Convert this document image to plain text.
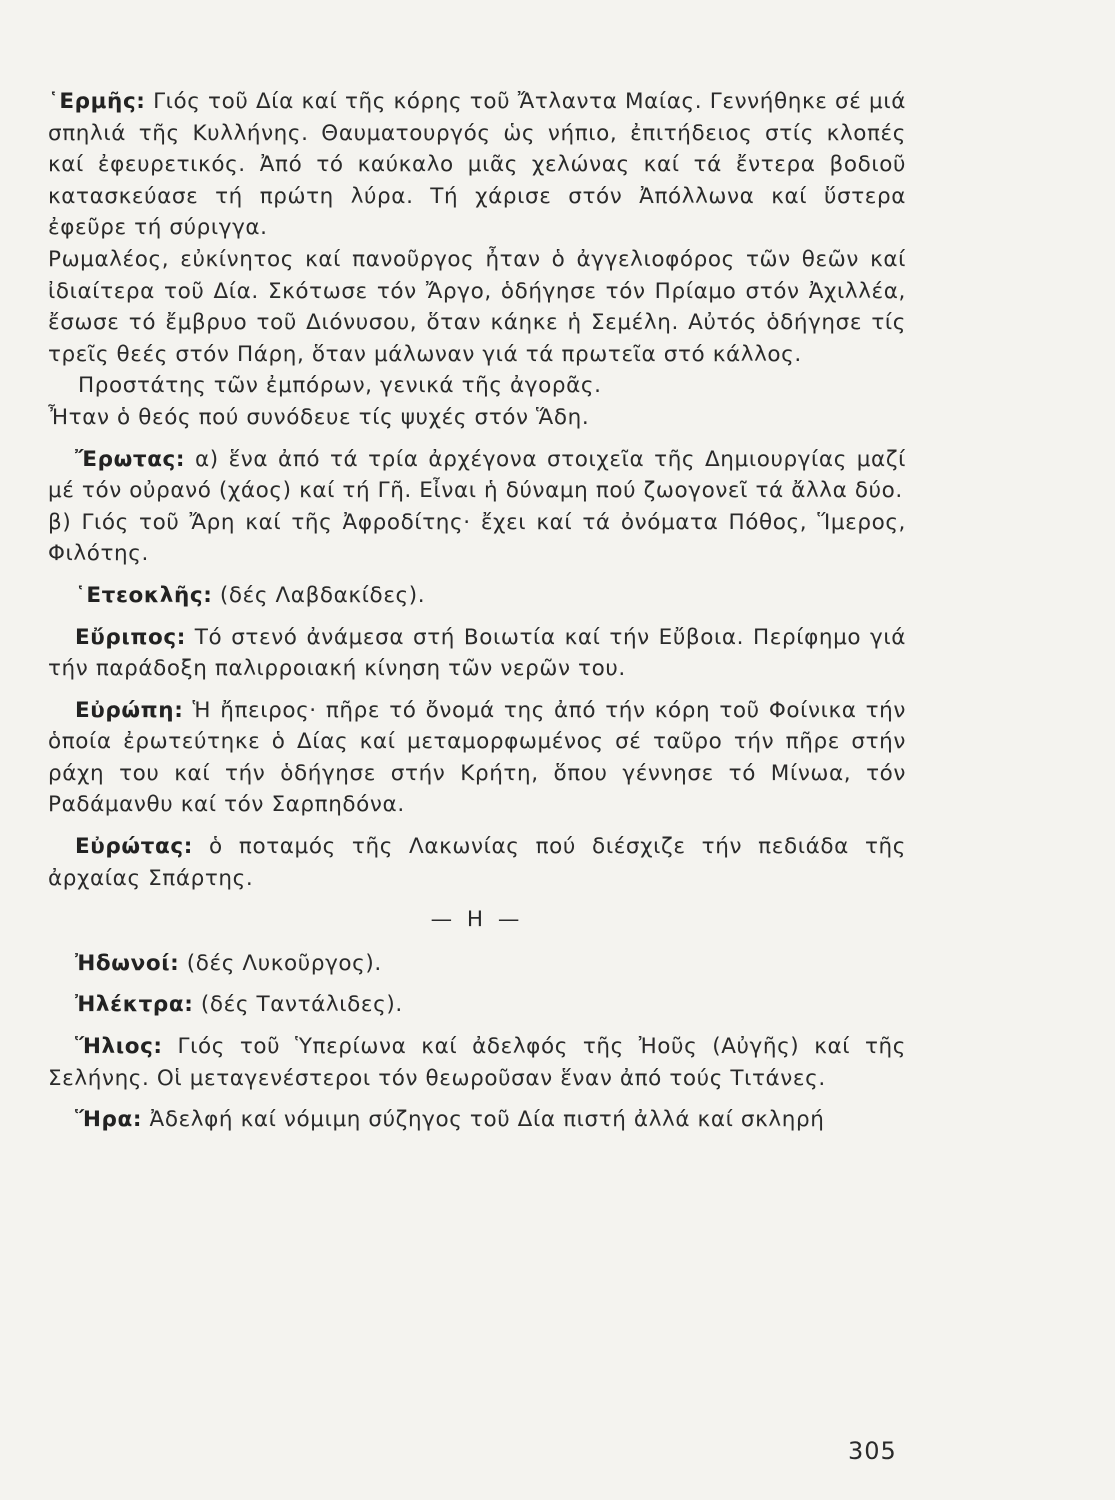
῾Ερμῆς: Γιός τοῦ Δία καί τῆς κόρης τοῦ Ἄτλαντα Μαίας. Γεννήθηκε σέ μιά σπηλιά τῆς Κυλλήνης. Θαυματουργός ὡς νήπιο, ἐπιτήδειος στίς κλοπές καί ἐφευρετικός. Ἀπό τό καύκαλο μιᾶς χελώνας καί τά ἔντερα βοδιοῦ κατασκεύασε τή πρώτη λύρα. Τή χάρισε στόν Ἀπόλλωνα καί ὕστερα ἐφεῦρε τή σύριγγα.

Ρωμαλέος, εὐκίνητος καί πανοῦργος ἦταν ὁ ἀγγελιοφόρος τῶν θεῶν καί ἰδιαίτερα τοῦ Δία. Σκότωσε τόν Ἄργο, ὁδήγησε τόν Πρίαμο στόν Ἀχιλλέα, ἔσωσε τό ἔμβρυο τοῦ Διόνυσου, ὅταν κάηκε ἡ Σεμέλη. Αὐτός ὁδήγησε τίς τρεῖς θεές στόν Πάρη, ὅταν μάλωναν γιά τά πρωτεῖα στό κάλλος.

Προστάτης τῶν ἐμπόρων, γενικά τῆς ἀγορᾶς.

Ἦταν ὁ θεός πού συνόδευε τίς ψυχές στόν Ἅδη.

Ἔρωτας: α) ἕνα ἀπό τά τρία ἀρχέγονα στοιχεῖα τῆς Δημιουργίας μαζί μέ τόν οὐρανό (χάος) καί τή Γῆ. Εἶναι ἡ δύναμη πού ζωογονεῖ τά ἄλλα δύο.

β) Γιός τοῦ Ἄρη καί τῆς Ἀφροδίτης· ἔχει καί τά ὀνόματα Πόθος, Ἵμερος, Φιλότης.

῾Ετεοκλῆς: (δές Λαβδακίδες).

Εὔριπος: Τό στενό ἀνάμεσα στή Βοιωτία καί τήν Εὔβοια. Περίφημο γιά τήν παράδοξη παλιρροιακή κίνηση τῶν νερῶν του.

Εὐρώπη: Ἡ ἤπειρος· πῆρε τό ὄνομά της ἀπό τήν κόρη τοῦ Φοίνικα τήν ὁποία ἐρωτεύτηκε ὁ Δίας καί μεταμορφωμένος σέ ταῦρο τήν πῆρε στήν ράχη του καί τήν ὁδήγησε στήν Κρήτη, ὅπου γέννησε τό Μίνωα, τόν Ραδάμανθυ καί τόν Σαρπηδόνα.

Εὐρώτας: ὁ ποταμός τῆς Λακωνίας πού διέσχιζε τήν πεδιάδα τῆς ἀρχαίας Σπάρτης.

— Η —

Ἠδωνοί: (δές Λυκοῦργος).

Ἠλέκτρα: (δές Ταντάλιδες).

Ἥλιος: Γιός τοῦ Ὑπερίωνα καί ἀδελφός τῆς Ἠοῦς (Αὐγῆς) καί τῆς Σελήνης. Οἱ μεταγενέστεροι τόν θεωροῦσαν ἕναν ἀπό τούς Τιτάνες.

Ἥρα: Ἀδελφή καί νόμιμη σύζηγος τοῦ Δία πιστή ἀλλά καί σκληρή

305
